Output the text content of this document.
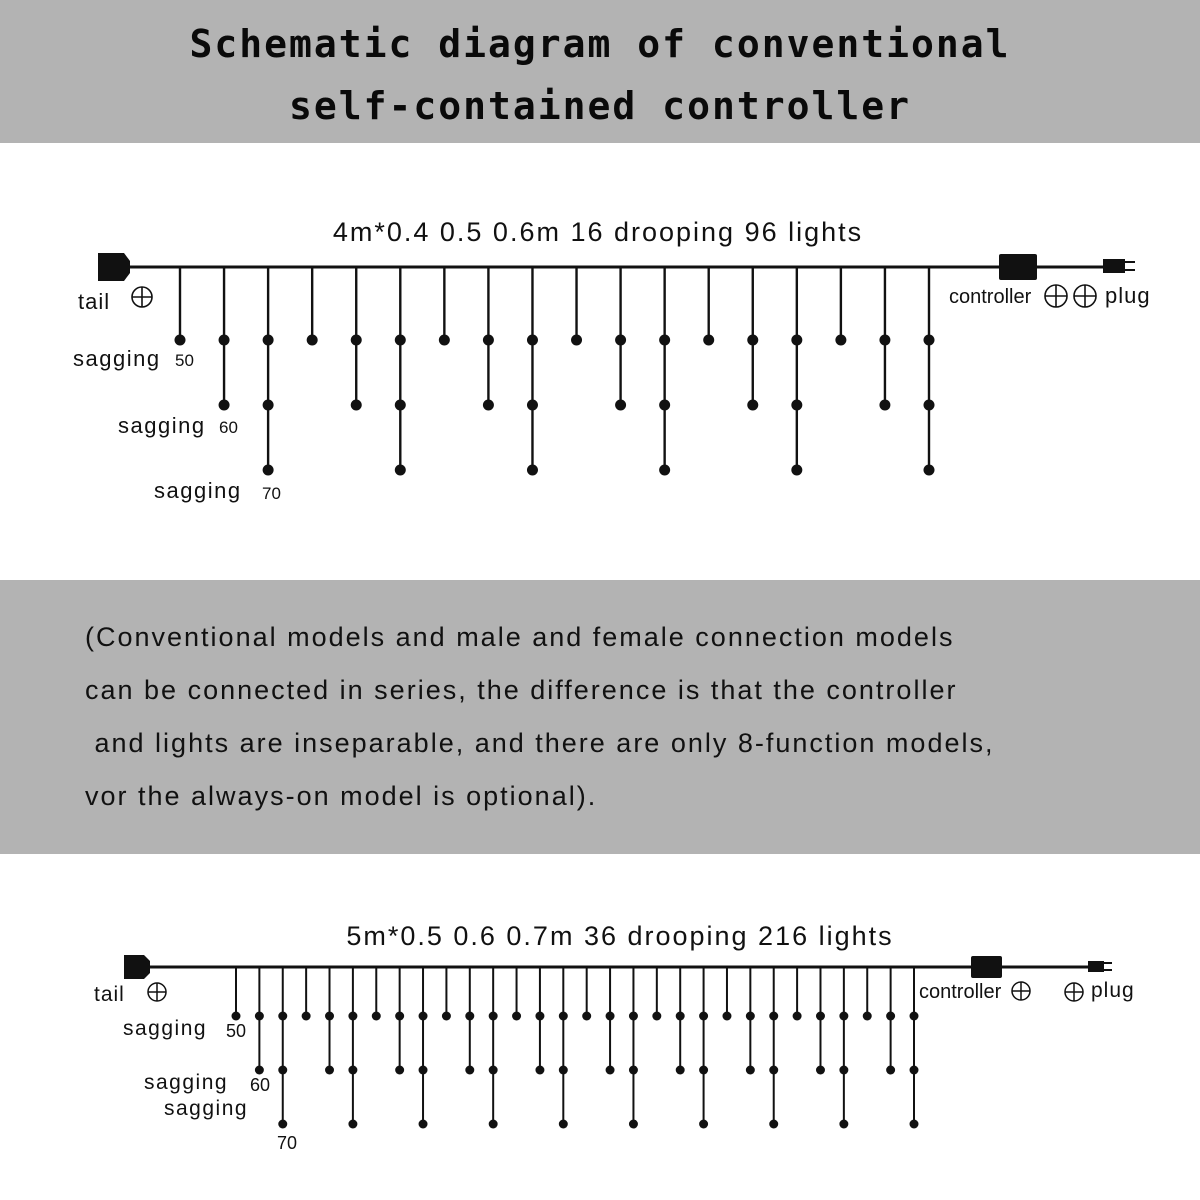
Schematic diagram of conventional
self-contained controller
4m*0.4 0.5 0.6m 16 drooping 96 lights
tail	controller	plug
sagging 50
sagging 60
sagging 70
(Conventional models and male and female connection models
can be connected in series, the difference is that the controller
and lights are inseparable, and there are only 8-function models,
vor the always-on model is optional).
5m*0.5 0.6 0.7m 36 drooping 216 lights
tail	controller	plug
sagging 50
sagging 60
sagging
70
